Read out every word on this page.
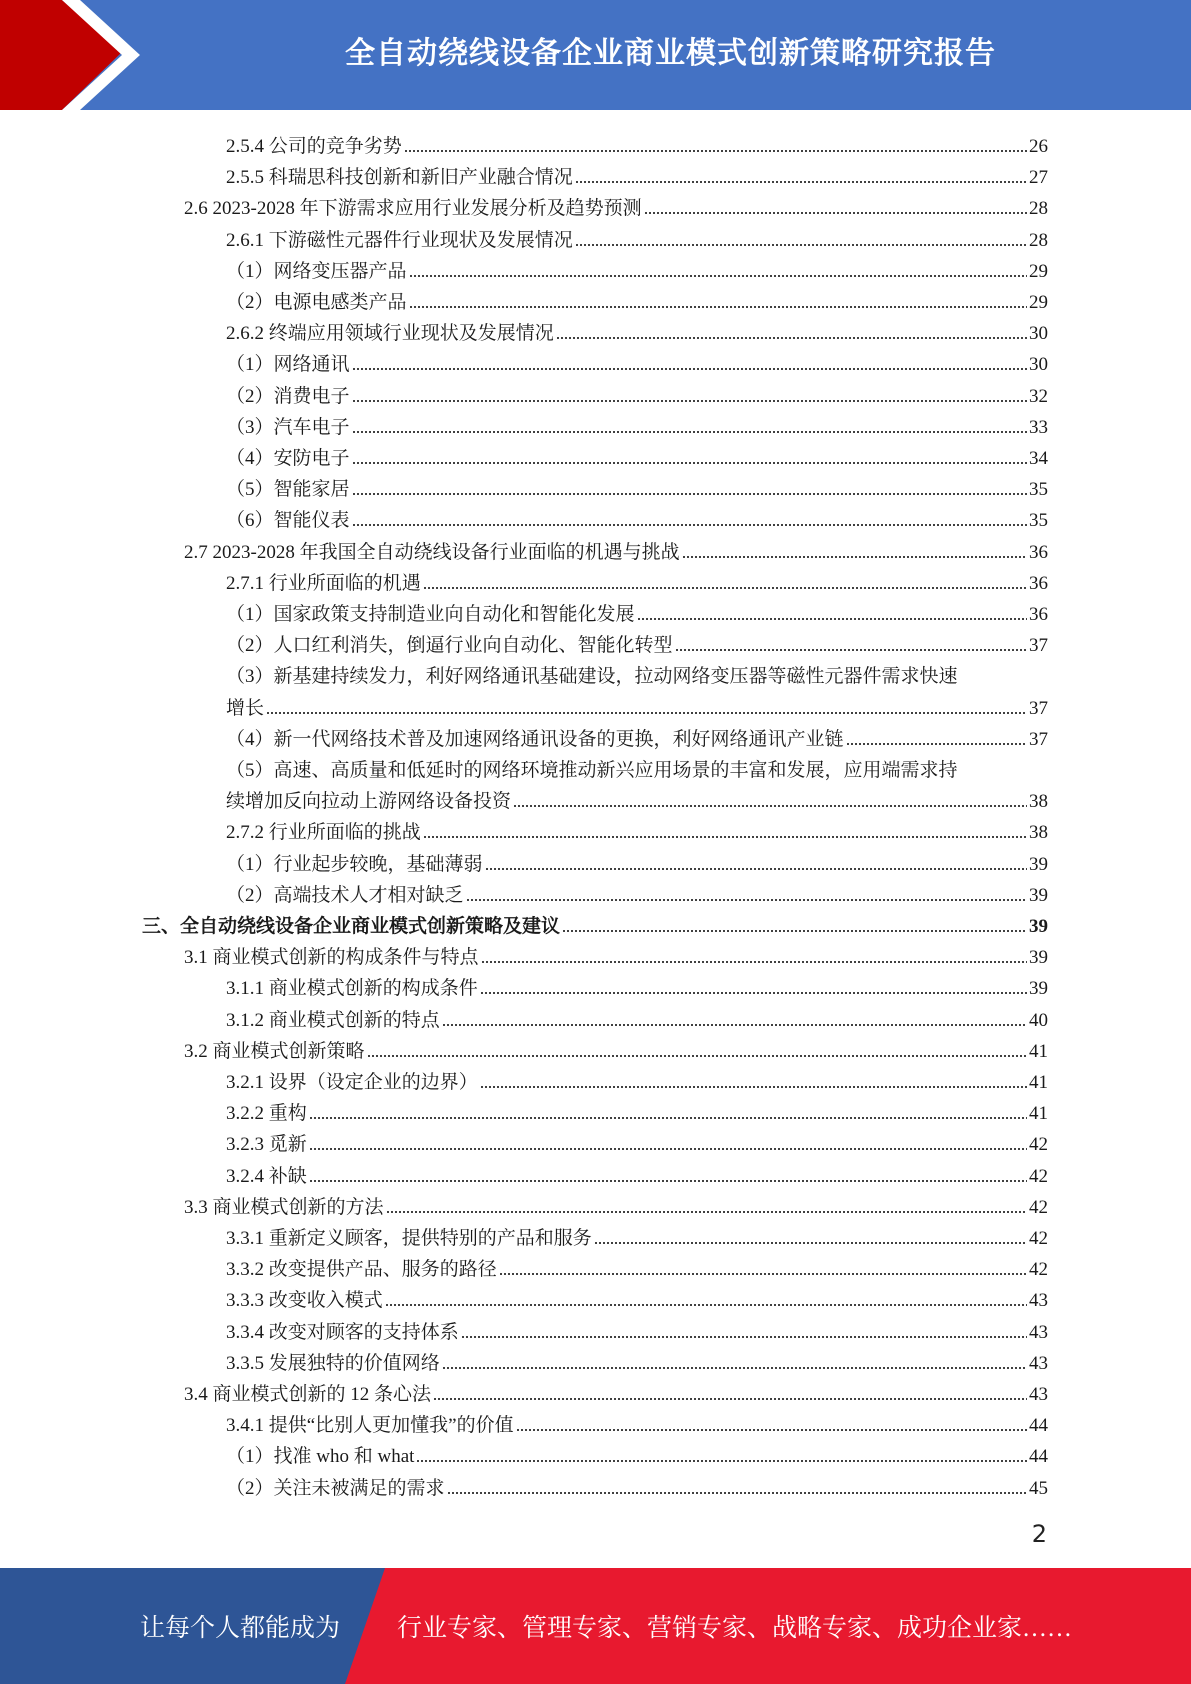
全自动绕线设备企业商业模式创新策略研究报告
2.5.4 公司的竞争劣势	26
2.5.5 科瑞思科技创新和新旧产业融合情况	27
2.6 2023-2028 年下游需求应用行业发展分析及趋势预测	28
2.6.1 下游磁性元器件行业现状及发展情况	28
（1）网络变压器产品	29
（2）电源电感类产品	29
2.6.2 终端应用领域行业现状及发展情况	30
（1）网络通讯	30
（2）消费电子	32
（3）汽车电子	33
（4）安防电子	34
（5）智能家居	35
（6）智能仪表	35
2.7 2023-2028 年我国全自动绕线设备行业面临的机遇与挑战	36
2.7.1 行业所面临的机遇	36
（1）国家政策支持制造业向自动化和智能化发展	36
（2）人口红利消失，倒逼行业向自动化、智能化转型	37
（3）新基建持续发力，利好网络通讯基础建设，拉动网络变压器等磁性元器件需求快速
增长	37
（4）新一代网络技术普及加速网络通讯设备的更换，利好网络通讯产业链	37
（5）高速、高质量和低延时的网络环境推动新兴应用场景的丰富和发展，应用端需求持
续增加反向拉动上游网络设备投资	38
2.7.2 行业所面临的挑战	38
（1）行业起步较晚，基础薄弱	39
（2）高端技术人才相对缺乏	39
三、全自动绕线设备企业商业模式创新策略及建议	39
3.1 商业模式创新的构成条件与特点	39
3.1.1 商业模式创新的构成条件	39
3.1.2 商业模式创新的特点	40
3.2 商业模式创新策略	41
3.2.1 设界（设定企业的边界）	41
3.2.2 重构	41
3.2.3 觅新	42
3.2.4 补缺	42
3.3 商业模式创新的方法	42
3.3.1 重新定义顾客，提供特别的产品和服务	42
3.3.2 改变提供产品、服务的路径	42
3.3.3 改变收入模式	43
3.3.4 改变对顾客的支持体系	43
3.3.5 发展独特的价值网络	43
3.4 商业模式创新的 12 条心法	43
3.4.1 提供“比别人更加懂我”的价值	44
（1）找准 who 和 what	44
（2）关注未被满足的需求	45
2
让每个人都能成为 行业专家、管理专家、营销专家、战略专家、成功企业家……
